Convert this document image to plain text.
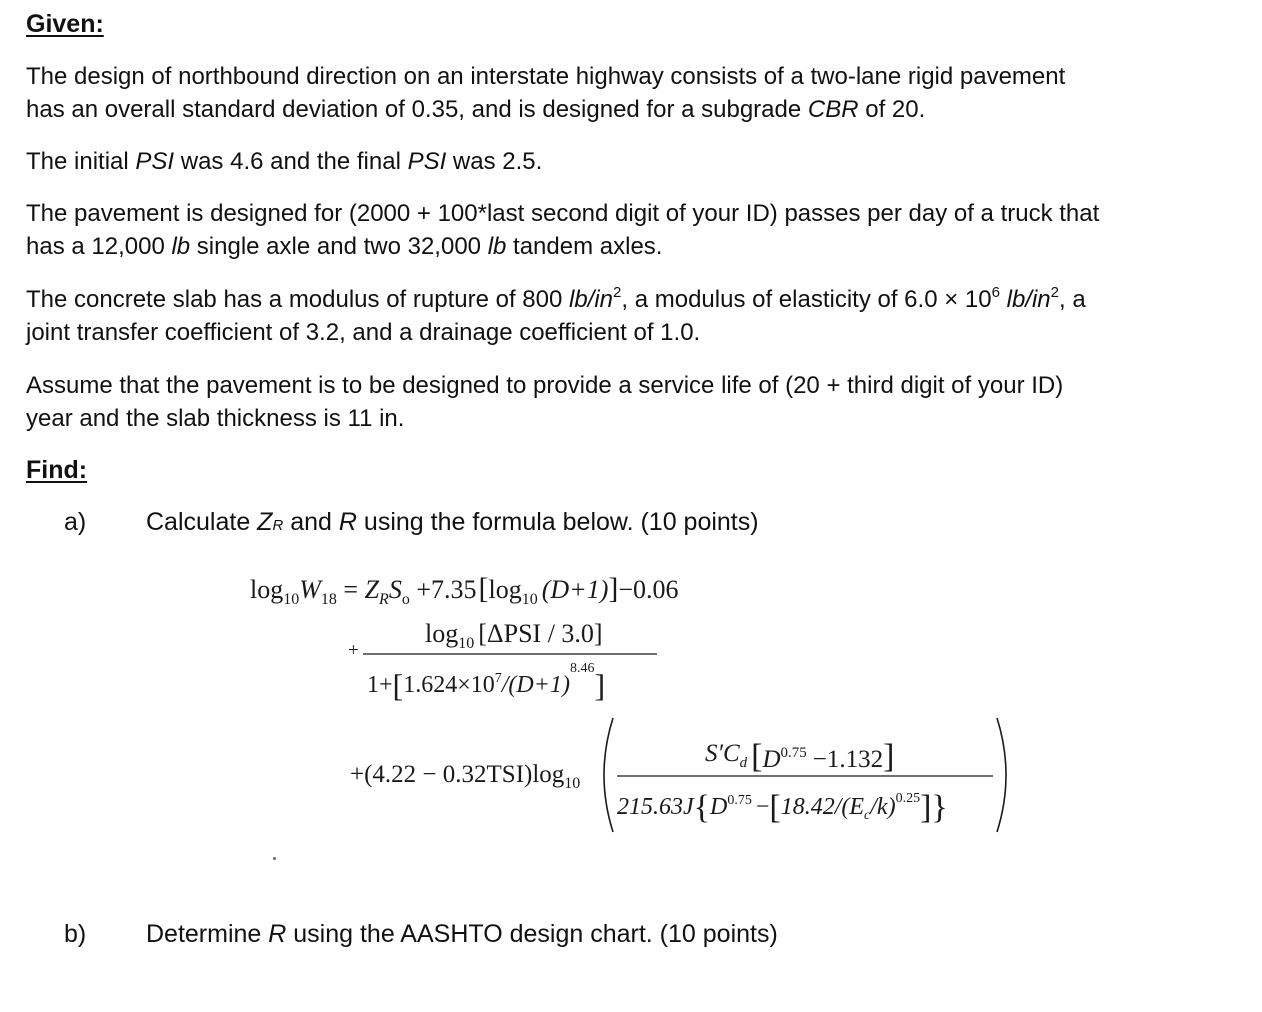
Given:

The design of northbound direction on an interstate highway consists of a two-lane rigid pavement
has an overall standard deviation of 0.35, and is designed for a subgrade CBR of 20.

The initial PSI was 4.6 and the final PSI was 2.5.

The pavement is designed for (2000 + 100*last second digit of your ID) passes per day of a truck that
has a 12,000 lb single axle and two 32,000 lb tandem axles.

The concrete slab has a modulus of rupture of 800 $lb/in^2$, a modulus of elasticity of $6.0 \times 10^6$ $lb/in^2$, a
joint transfer coefficient of 3.2, and a drainage coefficient of 1.0.

Assume that the pavement is to be designed to provide a service life of (20 + third digit of your ID)
year and the slab thickness is 11 in.

Find:
a) Calculate ZR and R using the formula below. (10 points)
$\log_{10}W_{18} = Z_RS_o +7.35[\log_{10}$ (D+1)]−0.06
+
$\log_{10} [\Delta PSI / 3.0]$
$1+[1.624\times 10^7/(D+1)^{8.46}]$
$+(4.22 - 0.32TSI)\log_{10}$
$S'C_d$ $[D^{0.75} -1.132]$
$215.63J\{D^{0.75} -[18.42/(E_c/k)^{0.25}]\}$
b) Determine R using the AASHTO design chart. (10 points)
